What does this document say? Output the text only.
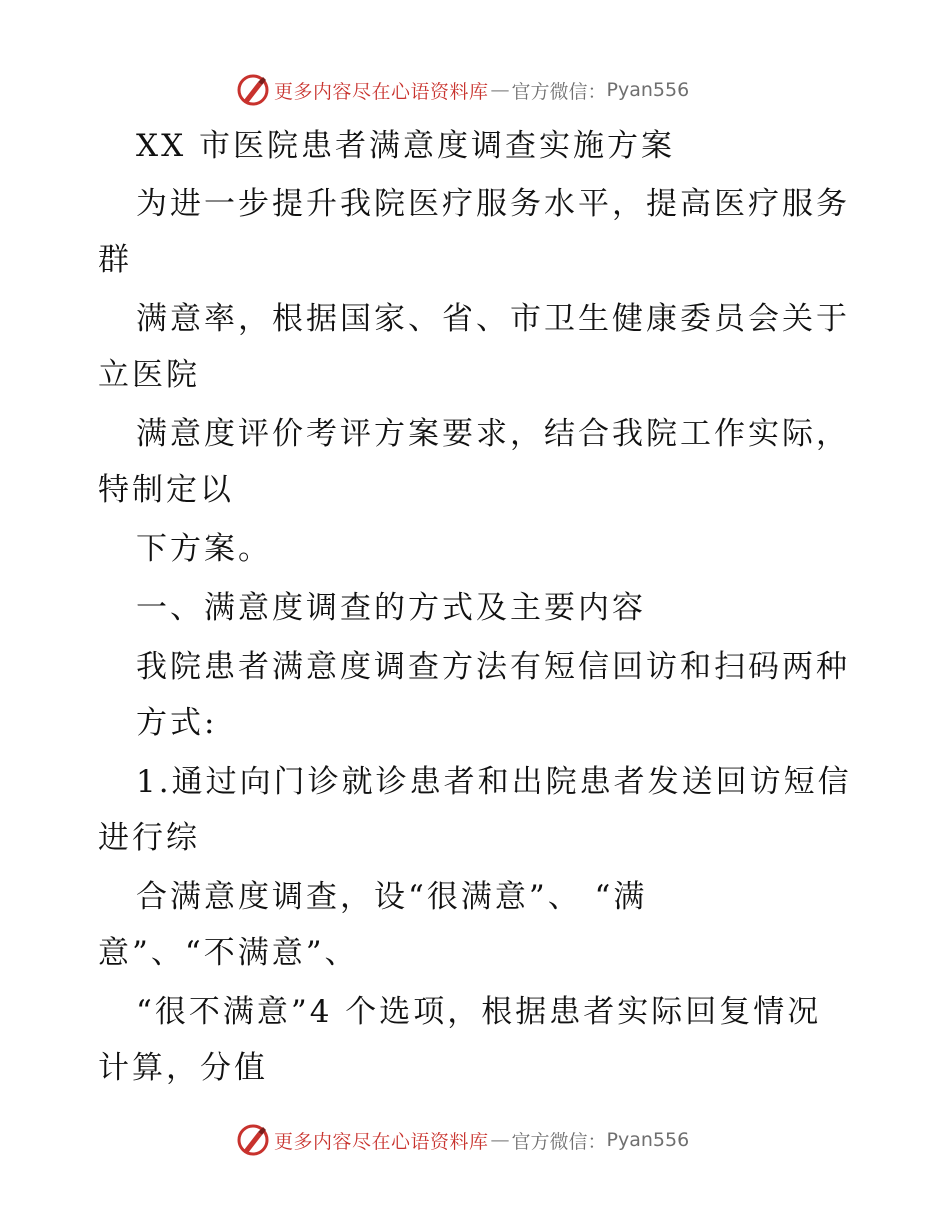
更多内容尽在心语资料库 — 官方微信： Pyan556
XX 市医院患者满意度调查实施方案
为进一步提升我院医疗服务水平，提高医疗服务
群
满意率，根据国家、省、市卫生健康委员会关于
立医院
满意度评价考评方案要求，结合我院工作实际，
特制定以
下方案。
一、满意度调查的方式及主要内容
我院患者满意度调查方法有短信回访和扫码两种
方式:
1.通过向门诊就诊患者和出院患者发送回访短信
进行综
合满意度调查，设“很满意”、 “满
意”、“不满意”、
“很不满意”4 个选项，根据患者实际回复情况
计算，分值
更多内容尽在心语资料库 — 官方微信： Pyan556
